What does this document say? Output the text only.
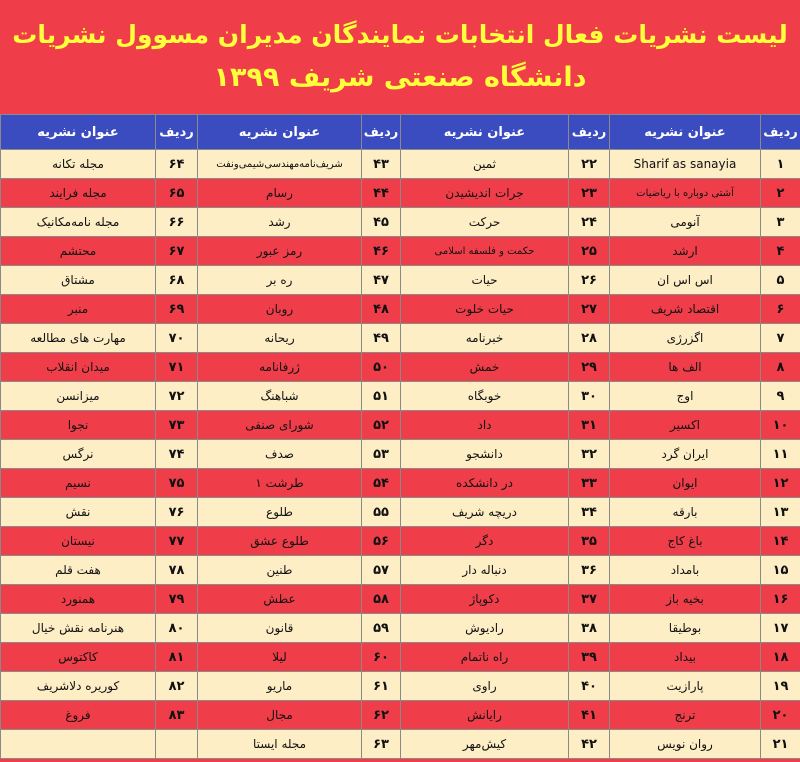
لیست نشریات فعال انتخابات نمایندگان مدیران مسوول نشریات
دانشگاه صنعتی شریف ۱۳۹۹
ردیف	عنوان نشریه	ردیف	عنوان نشریه	ردیف	عنوان نشریه	ردیف	عنوان نشریه
۱	Sharif as sanayia	۲۲	ثمین	۴۳	شریف‌نامه‌مهندسی‌شیمی‌ونفت	۶۴	مجله تکانه
۲	آشتی دوباره با ریاضیات	۲۳	جرات اندیشیدن	۴۴	رسام	۶۵	مجله فرایند
۳	آنومی	۲۴	حرکت	۴۵	رشد	۶۶	مجله نامه‌مکانیک
۴	ارشد	۲۵	حکمت و فلسفه اسلامی	۴۶	رمز عبور	۶۷	محتشم
۵	اس اس ان	۲۶	حیات	۴۷	ره بر	۶۸	مشتاق
۶	اقتصاد شریف	۲۷	حیات خلوت	۴۸	روبان	۶۹	منبر
۷	اگزرژی	۲۸	خبرنامه	۴۹	ریحانه	۷۰	مهارت های مطالعه
۸	الف ها	۲۹	خمش	۵۰	ژرفانامه	۷۱	میدان انقلاب
۹	اوج	۳۰	خوبگاه	۵۱	شباهنگ	۷۲	میزانسن
۱۰	اکسیر	۳۱	داد	۵۲	شورای صنفی	۷۳	نجوا
۱۱	ایران گرد	۳۲	دانشجو	۵۳	صدف	۷۴	نرگس
۱۲	ایوان	۳۳	در دانشکده	۵۴	طرشت ۱	۷۵	نسیم
۱۳	بارقه	۳۴	دریچه شریف	۵۵	طلوع	۷۶	نقش
۱۴	باغ کاج	۳۵	دگر	۵۶	طلوع عشق	۷۷	نیستان
۱۵	بامداد	۳۶	دنباله دار	۵۷	طنین	۷۸	هفت قلم
۱۶	بخیه باز	۳۷	دکوپاژ	۵۸	عطش	۷۹	همنورد
۱۷	بوطیقا	۳۸	رادیوش	۵۹	قانون	۸۰	هنرنامه نقش خیال
۱۸	بیداد	۳۹	راه ناتمام	۶۰	لیلا	۸۱	کاکتوس
۱۹	پارازیت	۴۰	راوی	۶۱	ماریو	۸۲	کوریره دلاشریف
۲۰	ترنج	۴۱	رایانش	۶۲	مجال	۸۳	فروغ
۲۱	روان نویس	۴۲	کیش‌مهر	۶۳	مجله ایستا		
